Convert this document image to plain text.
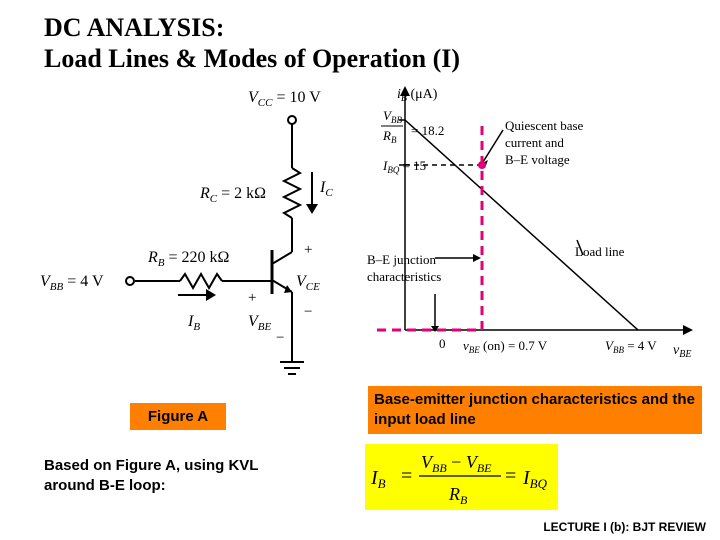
DC ANALYSIS:
Load Lines & Modes of Operation (I)
$V_{CC} = 10$ V
$R_C = 2$ kΩ	$I_C$
$R_B = 220$ kΩ
$V_{BB} = 4$ V
$I_B$
$V_{CE}$
$V_{BE}$
+
−
+
−
$i_B$ (μA)
$V_{BB}$
$R_B$
= 18.2
$I_{BQ} = 15$
0 $v_{BE}$ (on) = 0.7 V	$V_{BB} = 4$ V $v_{BE}$
Quiescent base
current and
B–E voltage
B–E junction
characteristics
Load line
Figure A
Base-emitter junction characteristics and the input load line
Based on Figure A, using KVL
around B-E loop:	$I_B$ =
$V_{BB} - V_{BE}$
$R_B$
= $I_{BQ}$
LECTURE I (b): BJT REVIEW
